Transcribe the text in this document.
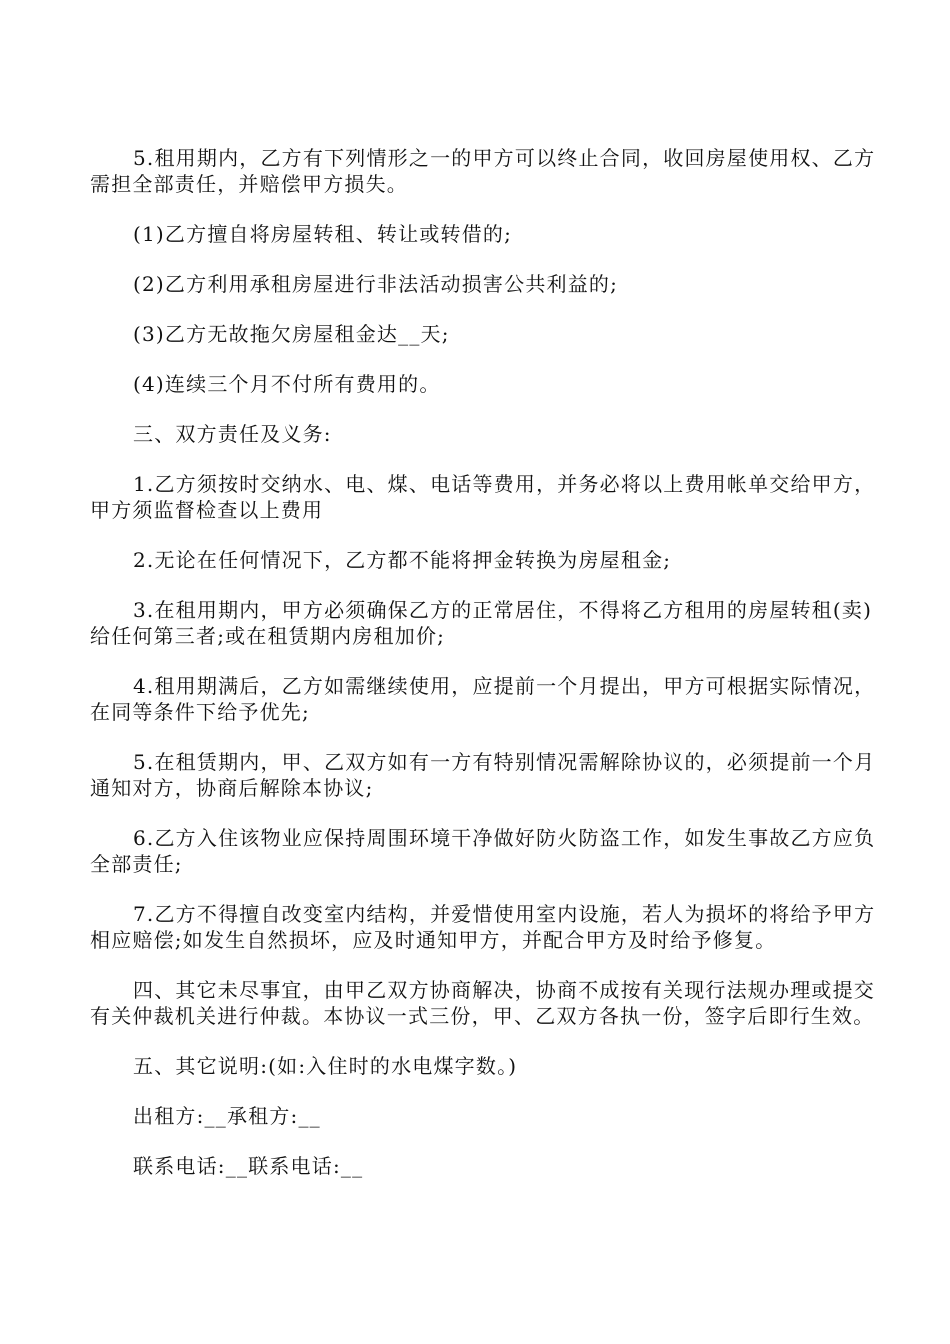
5.租用期内，乙方有下列情形之一的甲方可以终止合同，收回房屋使用权、乙方需担全部责任，并赔偿甲方损失。

(1)乙方擅自将房屋转租、转让或转借的;

(2)乙方利用承租房屋进行非法活动损害公共利益的;

(3)乙方无故拖欠房屋租金达__天;

(4)连续三个月不付所有费用的。

三、双方责任及义务:

1.乙方须按时交纳水、电、煤、电话等费用，并务必将以上费用帐单交给甲方，甲方须监督检查以上费用

2.无论在任何情况下，乙方都不能将押金转换为房屋租金;

3.在租用期内，甲方必须确保乙方的正常居住，不得将乙方租用的房屋转租(卖)给任何第三者;或在租赁期内房租加价;

4.租用期满后，乙方如需继续使用，应提前一个月提出，甲方可根据实际情况，在同等条件下给予优先;

5.在租赁期内，甲、乙双方如有一方有特别情况需解除协议的，必须提前一个月通知对方，协商后解除本协议;

6.乙方入住该物业应保持周围环境干净做好防火防盗工作，如发生事故乙方应负全部责任;

7.乙方不得擅自改变室内结构，并爱惜使用室内设施，若人为损坏的将给予甲方相应赔偿;如发生自然损坏，应及时通知甲方，并配合甲方及时给予修复。

四、其它未尽事宜，由甲乙双方协商解决，协商不成按有关现行法规办理或提交有关仲裁机关进行仲裁。本协议一式三份，甲、乙双方各执一份，签字后即行生效。

五、其它说明:(如:入住时的水电煤字数。)

出租方:__承租方:__

联系电话:__联系电话:__
